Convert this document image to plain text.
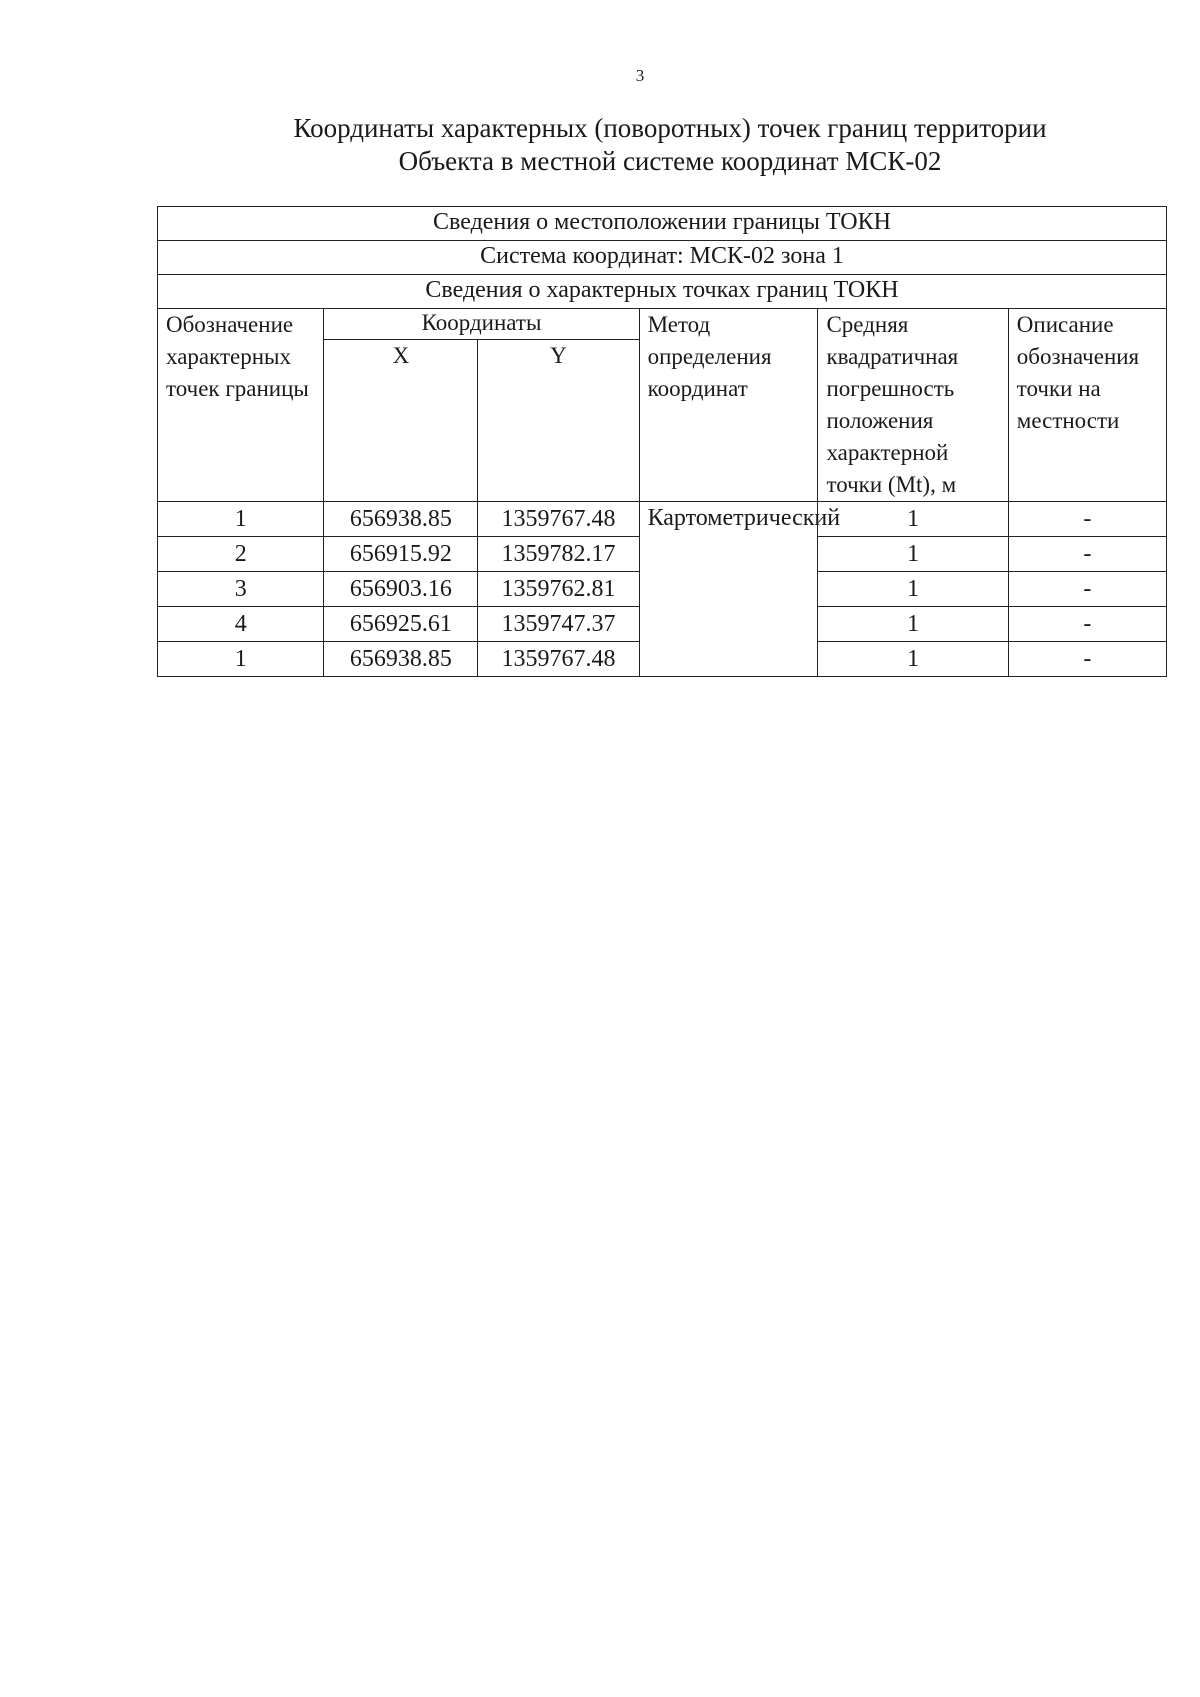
3
Координаты характерных (поворотных) точек границ территории
Объекта в местной системе координат МСК-02
Сведения о местоположении границы ТОКН					
Система координат: МСК-02 зона 1					
Сведения о характерных точках границ ТОКН					
Обозначение характерных точек границы	Координаты		Метод определения координат	Средняя квадратичная погрешность положения характерной точки (Mt), м	Описание обозначения точки на местности
	X	Y			
1	656938.85	1359767.48	Картометрический	1	-
2	656915.92	1359782.17		1	-
3	656903.16	1359762.81		1	-
4	656925.61	1359747.37		1	-
1	656938.85	1359767.48		1	-
